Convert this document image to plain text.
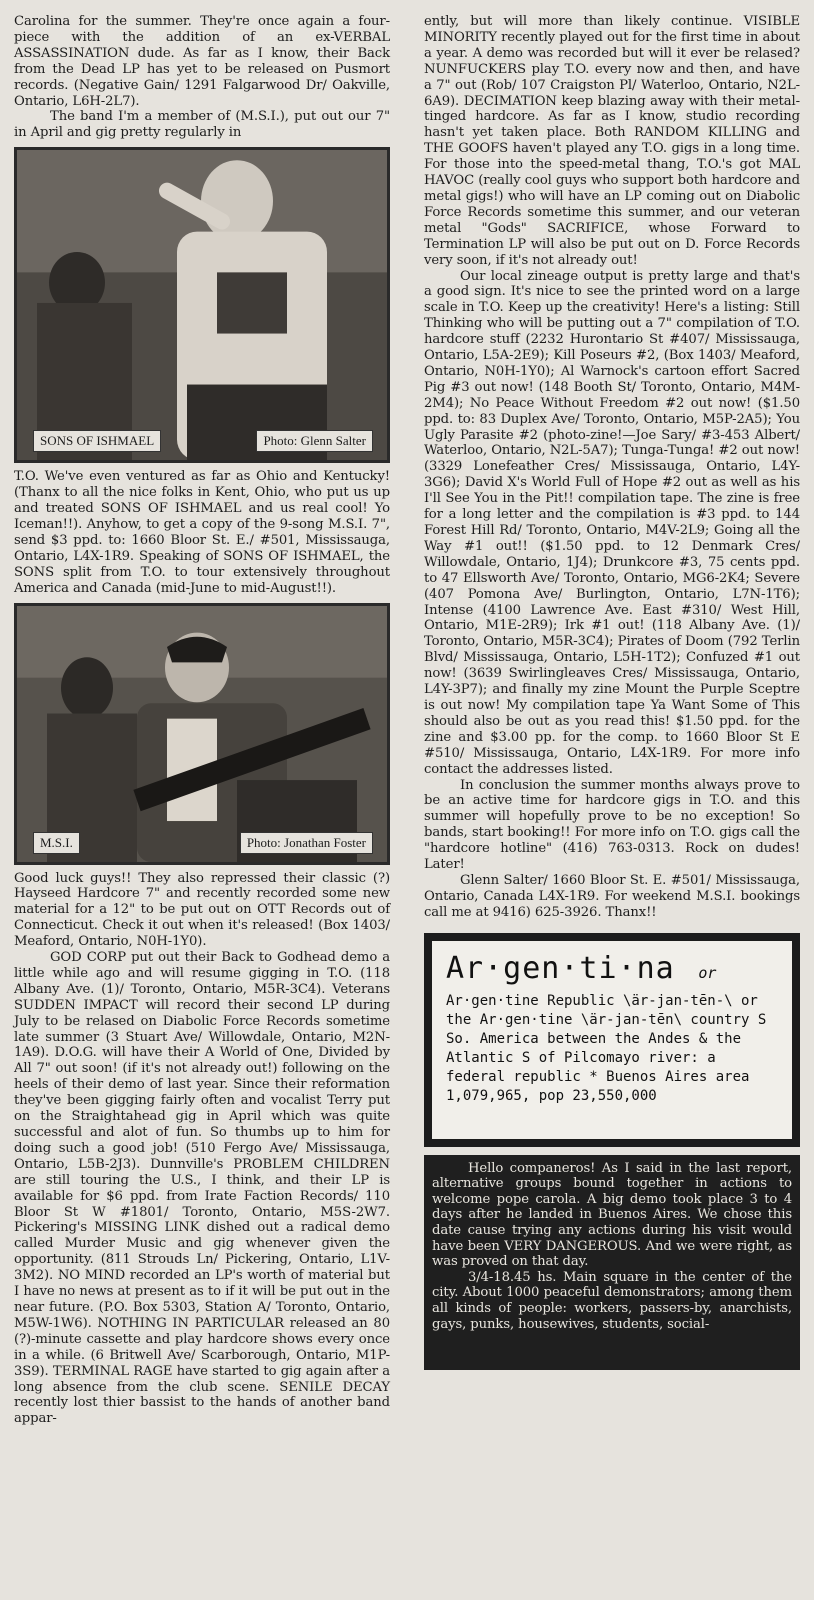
Carolina for the summer. They're once again a four-piece with the addition of an ex-VERBAL ASSASSINATION dude. As far as I know, their Back from the Dead LP has yet to be released on Pusmort records. (Negative Gain/ 1291 Falgarwood Dr/ Oakville, Ontario, L6H-2L7).

The band I'm a member of (M.S.I.), put out our 7" in April and gig pretty regularly in

SONS OF ISHMAEL	Photo: Glenn Salter

T.O. We've even ventured as far as Ohio and Kentucky! (Thanx to all the nice folks in Kent, Ohio, who put us up and treated SONS OF ISHMAEL and us real cool! Yo Iceman!!). Anyhow, to get a copy of the 9-song M.S.I. 7", send $3 ppd. to: 1660 Bloor St. E./ #501, Mississauga, Ontario, L4X-1R9. Speaking of SONS OF ISHMAEL, the SONS split from T.O. to tour extensively throughout America and Canada (mid-June to mid-August!!).

M.S.I.	Photo: Jonathan Foster

Good luck guys!! They also repressed their classic (?) Hayseed Hardcore 7" and recently recorded some new material for a 12" to be put out on OTT Records out of Connecticut. Check it out when it's released! (Box 1403/ Meaford, Ontario, N0H-1Y0).

GOD CORP put out their Back to Godhead demo a little while ago and will resume gigging in T.O. (118 Albany Ave. (1)/ Toronto, Ontario, M5R-3C4). Veterans SUDDEN IMPACT will record their second LP during July to be relased on Diabolic Force Records sometime late summer (3 Stuart Ave/ Willowdale, Ontario, M2N-1A9). D.O.G. will have their A World of One, Divided by All 7" out soon! (if it's not already out!) following on the heels of their demo of last year. Since their reformation they've been gigging fairly often and vocalist Terry put on the Straightahead gig in April which was quite successful and alot of fun. So thumbs up to him for doing such a good job! (510 Fergo Ave/ Mississauga, Ontario, L5B-2J3). Dunnville's PROBLEM CHILDREN are still touring the U.S., I think, and their LP is available for $6 ppd. from Irate Faction Records/ 110 Bloor St W #1801/ Toronto, Ontario, M5S-2W7. Pickering's MISSING LINK dished out a radical demo called Murder Music and gig whenever given the opportunity. (811 Strouds Ln/ Pickering, Ontario, L1V-3M2). NO MIND recorded an LP's worth of material but I have no news at present as to if it will be put out in the near future. (P.O. Box 5303, Station A/ Toronto, Ontario, M5W-1W6). NOTHING IN PARTICULAR released an 80 (?)-minute cassette and play hardcore shows every once in a while. (6 Britwell Ave/ Scarborough, Ontario, M1P-3S9). TERMINAL RAGE have started to gig again after a long absence from the club scene. SENILE DECAY recently lost thier bassist to the hands of another band appar-

ently, but will more than likely continue. VISIBLE MINORITY recently played out for the first time in about a year. A demo was recorded but will it ever be relased? NUNFUCKERS play T.O. every now and then, and have a 7" out (Rob/ 107 Craigston Pl/ Waterloo, Ontario, N2L-6A9). DECIMATION keep blazing away with their metal-tinged hardcore. As far as I know, studio recording hasn't yet taken place. Both RANDOM KILLING and THE GOOFS haven't played any T.O. gigs in a long time. For those into the speed-metal thang, T.O.'s got MAL HAVOC (really cool guys who support both hardcore and metal gigs!) who will have an LP coming out on Diabolic Force Records sometime this summer, and our veteran metal "Gods" SACRIFICE, whose Forward to Termination LP will also be put out on D. Force Records very soon, if it's not already out!

Our local zineage output is pretty large and that's a good sign. It's nice to see the printed word on a large scale in T.O. Keep up the creativity! Here's a listing: Still Thinking who will be putting out a 7" compilation of T.O. hardcore stuff (2232 Hurontario St #407/ Mississauga, Ontario, L5A-2E9); Kill Poseurs #2, (Box 1403/ Meaford, Ontario, N0H-1Y0); Al Warnock's cartoon effort Sacred Pig #3 out now! (148 Booth St/ Toronto, Ontario, M4M-2M4); No Peace Without Freedom #2 out now! ($1.50 ppd. to: 83 Duplex Ave/ Toronto, Ontario, M5P-2A5); You Ugly Parasite #2 (photo-zine!—Joe Sary/ #3-453 Albert/ Waterloo, Ontario, N2L-5A7); Tunga-Tunga! #2 out now! (3329 Lonefeather Cres/ Mississauga, Ontario, L4Y-3G6); David X's World Full of Hope #2 out as well as his I'll See You in the Pit!! compilation tape. The zine is free for a long letter and the compilation is #3 ppd. to 144 Forest Hill Rd/ Toronto, Ontario, M4V-2L9; Going all the Way #1 out!! ($1.50 ppd. to 12 Denmark Cres/ Willowdale, Ontario, 1J4); Drunkcore #3, 75 cents ppd. to 47 Ellsworth Ave/ Toronto, Ontario, MG6-2K4; Severe (407 Pomona Ave/ Burlington, Ontario, L7N-1T6); Intense (4100 Lawrence Ave. East #310/ West Hill, Ontario, M1E-2R9); Irk #1 out! (118 Albany Ave. (1)/ Toronto, Ontario, M5R-3C4); Pirates of Doom (792 Terlin Blvd/ Mississauga, Ontario, L5H-1T2); Confuzed #1 out now! (3639 Swirlingleaves Cres/ Mississauga, Ontario, L4Y-3P7); and finally my zine Mount the Purple Sceptre is out now! My compilation tape Ya Want Some of This should also be out as you read this! $1.50 ppd. for the zine and $3.00 pp. for the comp. to 1660 Bloor St E #510/ Mississauga, Ontario, L4X-1R9. For more info contact the addresses listed.

In conclusion the summer months always prove to be an active time for hardcore gigs in T.O. and this summer will hopefully prove to be no exception! So bands, start booking!! For more info on T.O. gigs call the "hardcore hotline" (416) 763-0313. Rock on dudes! Later!

Glenn Salter/ 1660 Bloor St. E. #501/ Mississauga, Ontario, Canada L4X-1R9. For weekend M.S.I. bookings call me at 9416) 625-3926. Thanx!!

Ar·gen·ti·na or
Ar·gen·tine Republic \är-jan-tēn-\ or the Ar·gen·tine \är-jan-tēn\ country S So. America between the Andes & the Atlantic S of Pilcomayo river: a federal republic * Buenos Aires area 1,079,965, pop 23,550,000

Hello companeros! As I said in the last report, alternative groups bound together in actions to welcome pope carola. A big demo took place 3 to 4 days after he landed in Buenos Aires. We chose this date cause trying any actions during his visit would have been VERY DANGEROUS. And we were right, as was proved on that day.

3/4-18.45 hs. Main square in the center of the city. About 1000 peaceful demonstrators; among them all kinds of people: workers, passers-by, anarchists, gays, punks, housewives, students, social-
